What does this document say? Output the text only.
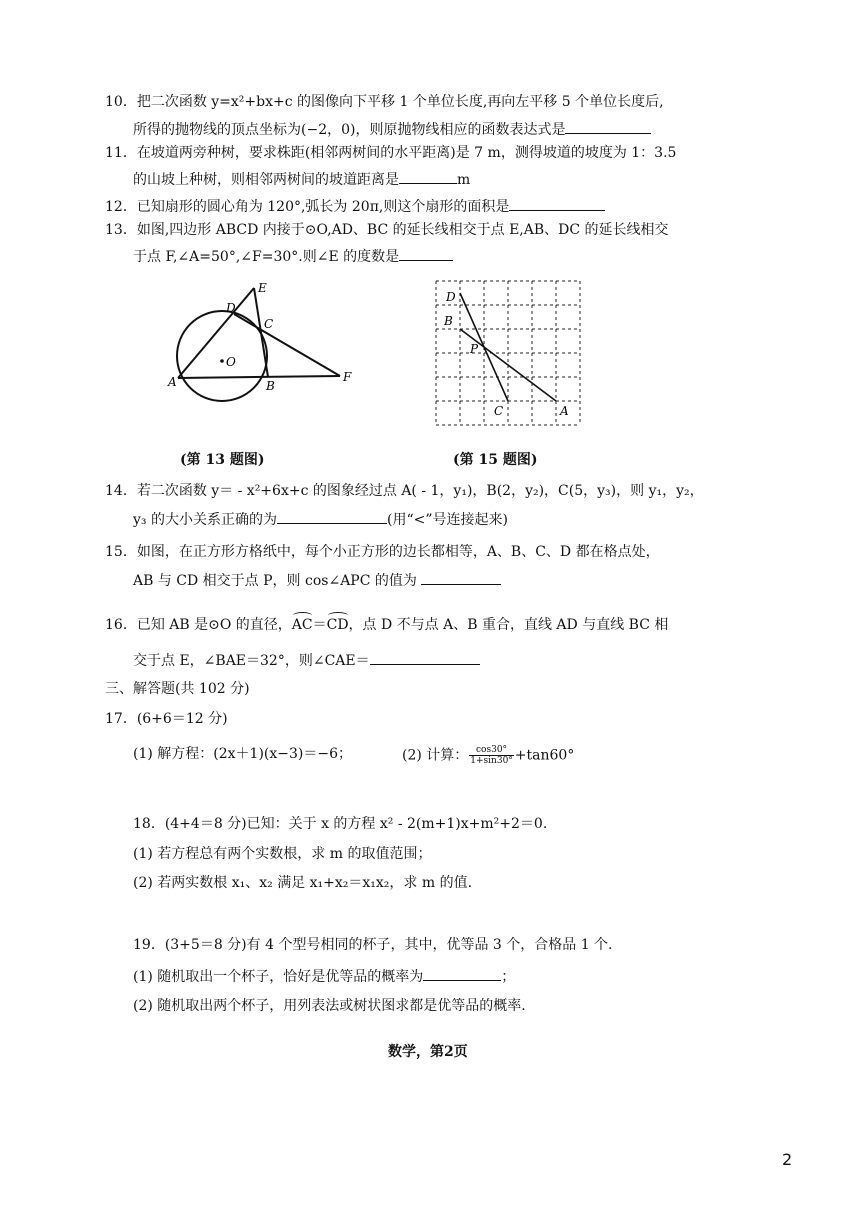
10．把二次函数 y=x²+bx+c 的图像向下平移 1 个单位长度,再向左平移 5 个单位长度后,
所得的抛物线的顶点坐标为(−2，0)，则原抛物线相应的函数表达式是
11．在坡道两旁种树，要求株距(相邻两树间的水平距离)是 7 m，测得坡道的坡度为 1：3.5
的山坡上种树，则相邻两树间的坡道距离是	m
12．已知扇形的圆心角为 120°,弧长为 20π,则这个扇形的面积是
13．如图,四边形 ABCD 内接于⊙O,AD、BC 的延长线相交于点 E,AB、DC 的延长线相交
于点 F,∠A=50°,∠F=30°.则∠E 的度数是
E
D
C
O
A	B
F
D
B
P
C	A
(第 13 题图)	(第 15 题图)
14．若二次函数 y＝ - x²+6x+c 的图象经过点 A( - 1，y₁)，B(2，y₂)，C(5，y₃)，则 y₁，y₂，
y₃ 的大小关系正确的为	(用“<”号连接起来)
15．如图，在正方形方格纸中，每个小正方形的边长都相等，A、B、C、D 都在格点处，
AB 与 CD 相交于点 P，则 cos∠APC 的值为
16．已知 AB 是⊙O 的直径，AC＝CD，点 D 不与点 A、B 重合，直线 AD 与直线 BC 相
交于点 E，∠BAE＝32°，则∠CAE＝
三、解答题(共 102 分)
17．(6+6＝12 分)
(1) 解方程：(2x＋1)(x−3)＝−6；	(2) 计算： $\frac{\cos 30^\circ}{1+\sin 30^\circ} +\tan 60^\circ$
18．(4+4＝8 分)已知：关于 x 的方程 x² - 2(m+1)x+m²+2＝0.
(1) 若方程总有两个实数根，求 m 的取值范围；
(2) 若两实数根 x₁、x₂ 满足 x₁+x₂＝x₁x₂，求 m 的值.
19．(3+5＝8 分)有 4 个型号相同的杯子，其中，优等品 3 个，合格品 1 个.
(1) 随机取出一个杯子，恰好是优等品的概率为	；
(2) 随机取出两个杯子，用列表法或树状图求都是优等品的概率.
数学，第2页
2
